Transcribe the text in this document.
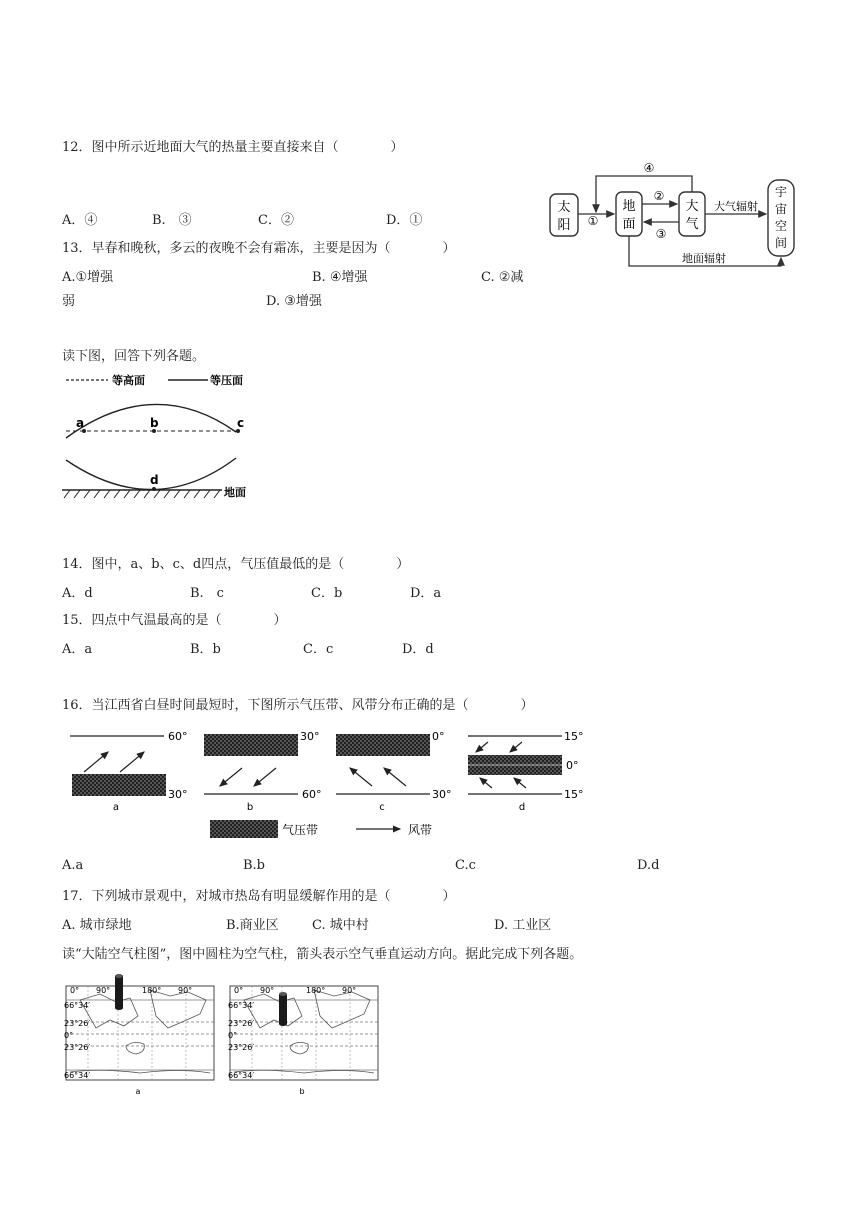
12．图中所示近地面大气的热量主要直接来自（　　　　）
A．④	B.　③	C．②	D．①
太
阳
地
面
大
气
宇
宙
空
间
①
④
②
③
大气辐射
地面辐射
13．早春和晚秋，多云的夜晚不会有霜冻，主要是因为（　　　　）
A.①增强	B. ④增强	C. ②减
弱	D. ③增强
读下图，回答下列各题。
等高面	等压面
a	b	c
d
地面
14．图中，a、b、c、d四点，气压值最低的是（　　　　）
A．d	B.　c	C．b	D．a
15．四点中气温最高的是（　　　　）
A．a	B．b	C．c	D．d
16．当江西省白昼时间最短时，下图所示气压带、风带分布正确的是（　　　　）
60°
30°
a
30°
60°
b
0°
30°
c
15°
0°
15°
d
气压带	风带
A.a	B.b	C.c	D.d
17．下列城市景观中，对城市热岛有明显缓解作用的是（　　　　）
A. 城市绿地	B.商业区	C. 城中村	D. 工业区
读“大陆空气柱图”，图中圆柱为空气柱，箭头表示空气垂直运动方向。据此完成下列各题。
0° 90°	180° 90°
66°34′
23°26′
0°
23°26′
66°34′
a
0° 90°	180° 90°
66°34′
23°26′
0°
23°26′
66°34′
b
